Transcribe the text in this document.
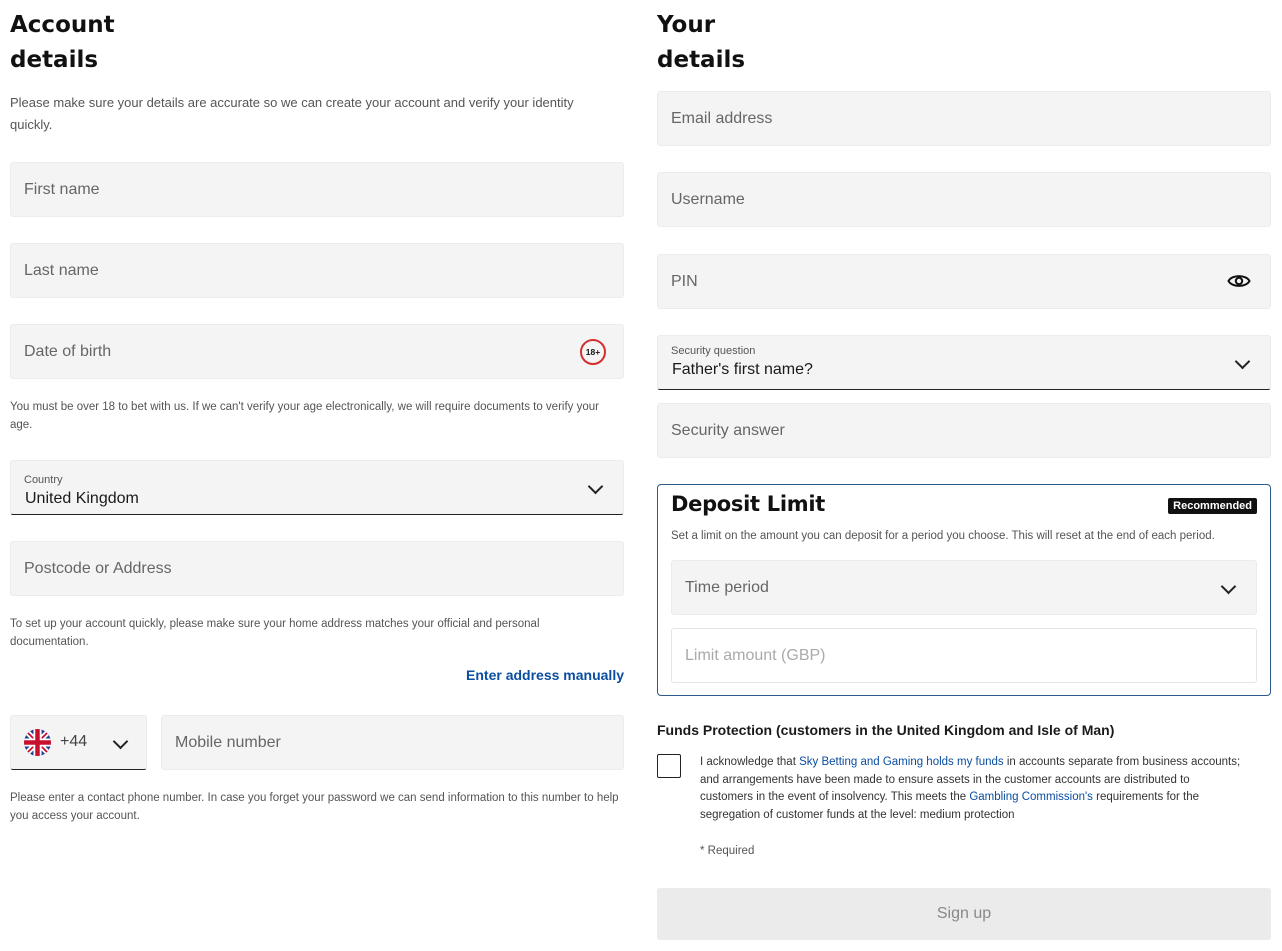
Account
details
Please make sure your details are accurate so we can create your account and verify your identity quickly.
First name
Last name
Date of birth	18+
You must be over 18 to bet with us. If we can't verify your age electronically, we will require documents to verify your age.
Country
United Kingdom
Postcode or Address
To set up your account quickly, please make sure your home address matches your official and personal documentation.
Enter address manually
+44	Mobile number
Please enter a contact phone number. In case you forget your password we can send information to this number to help you access your account.
Your
details
Email address
Username
PIN
Security question
Father's first name?
Security answer
Deposit Limit	Recommended
Set a limit on the amount you can deposit for a period you choose. This will reset at the end of each period.
Time period
Limit amount (GBP)
Funds Protection (customers in the United Kingdom and Isle of Man)
I acknowledge that Sky Betting and Gaming holds my funds in accounts separate from business accounts; and arrangements have been made to ensure assets in the customer accounts are distributed to customers in the event of insolvency. This meets the Gambling Commission's requirements for the segregation of customer funds at the level: medium protection
* Required
Sign up
